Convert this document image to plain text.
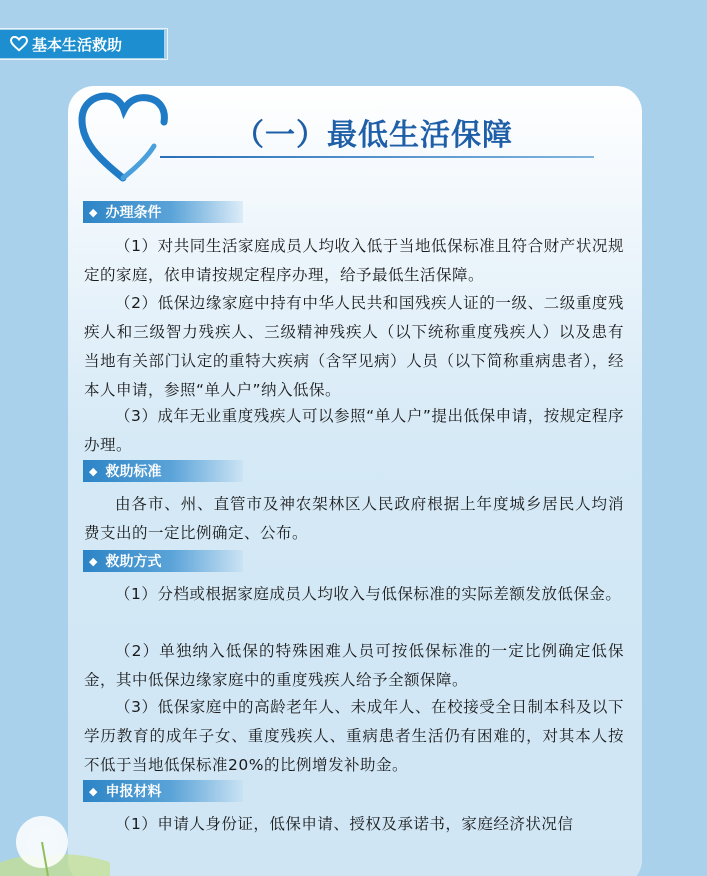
基本生活救助
（一）最低生活保障
◆ 办理条件

（1）对共同生活家庭成员人均收入低于当地低保标准且符合财产状况规定的家庭，依申请按规定程序办理，给予最低生活保障。

（2）低保边缘家庭中持有中华人民共和国残疾人证的一级、二级重度残疾人和三级智力残疾人、三级精神残疾人（以下统称重度残疾人）以及患有当地有关部门认定的重特大疾病（含罕见病）人员（以下简称重病患者），经本人申请，参照“单人户”纳入低保。

（3）成年无业重度残疾人可以参照“单人户”提出低保申请，按规定程序办理。

◆ 救助标准

由各市、州、直管市及神农架林区人民政府根据上年度城乡居民人均消费支出的一定比例确定、公布。

◆ 救助方式

（1）分档或根据家庭成员人均收入与低保标准的实际差额发放低保金。

（2）单独纳入低保的特殊困难人员可按低保标准的一定比例确定低保金，其中低保边缘家庭中的重度残疾人给予全额保障。

（3）低保家庭中的高龄老年人、未成年人、在校接受全日制本科及以下学历教育的成年子女、重度残疾人、重病患者生活仍有困难的，对其本人按不低于当地低保标准20%的比例增发补助金。

◆ 申报材料

（1）申请人身份证，低保申请、授权及承诺书，家庭经济状况信
